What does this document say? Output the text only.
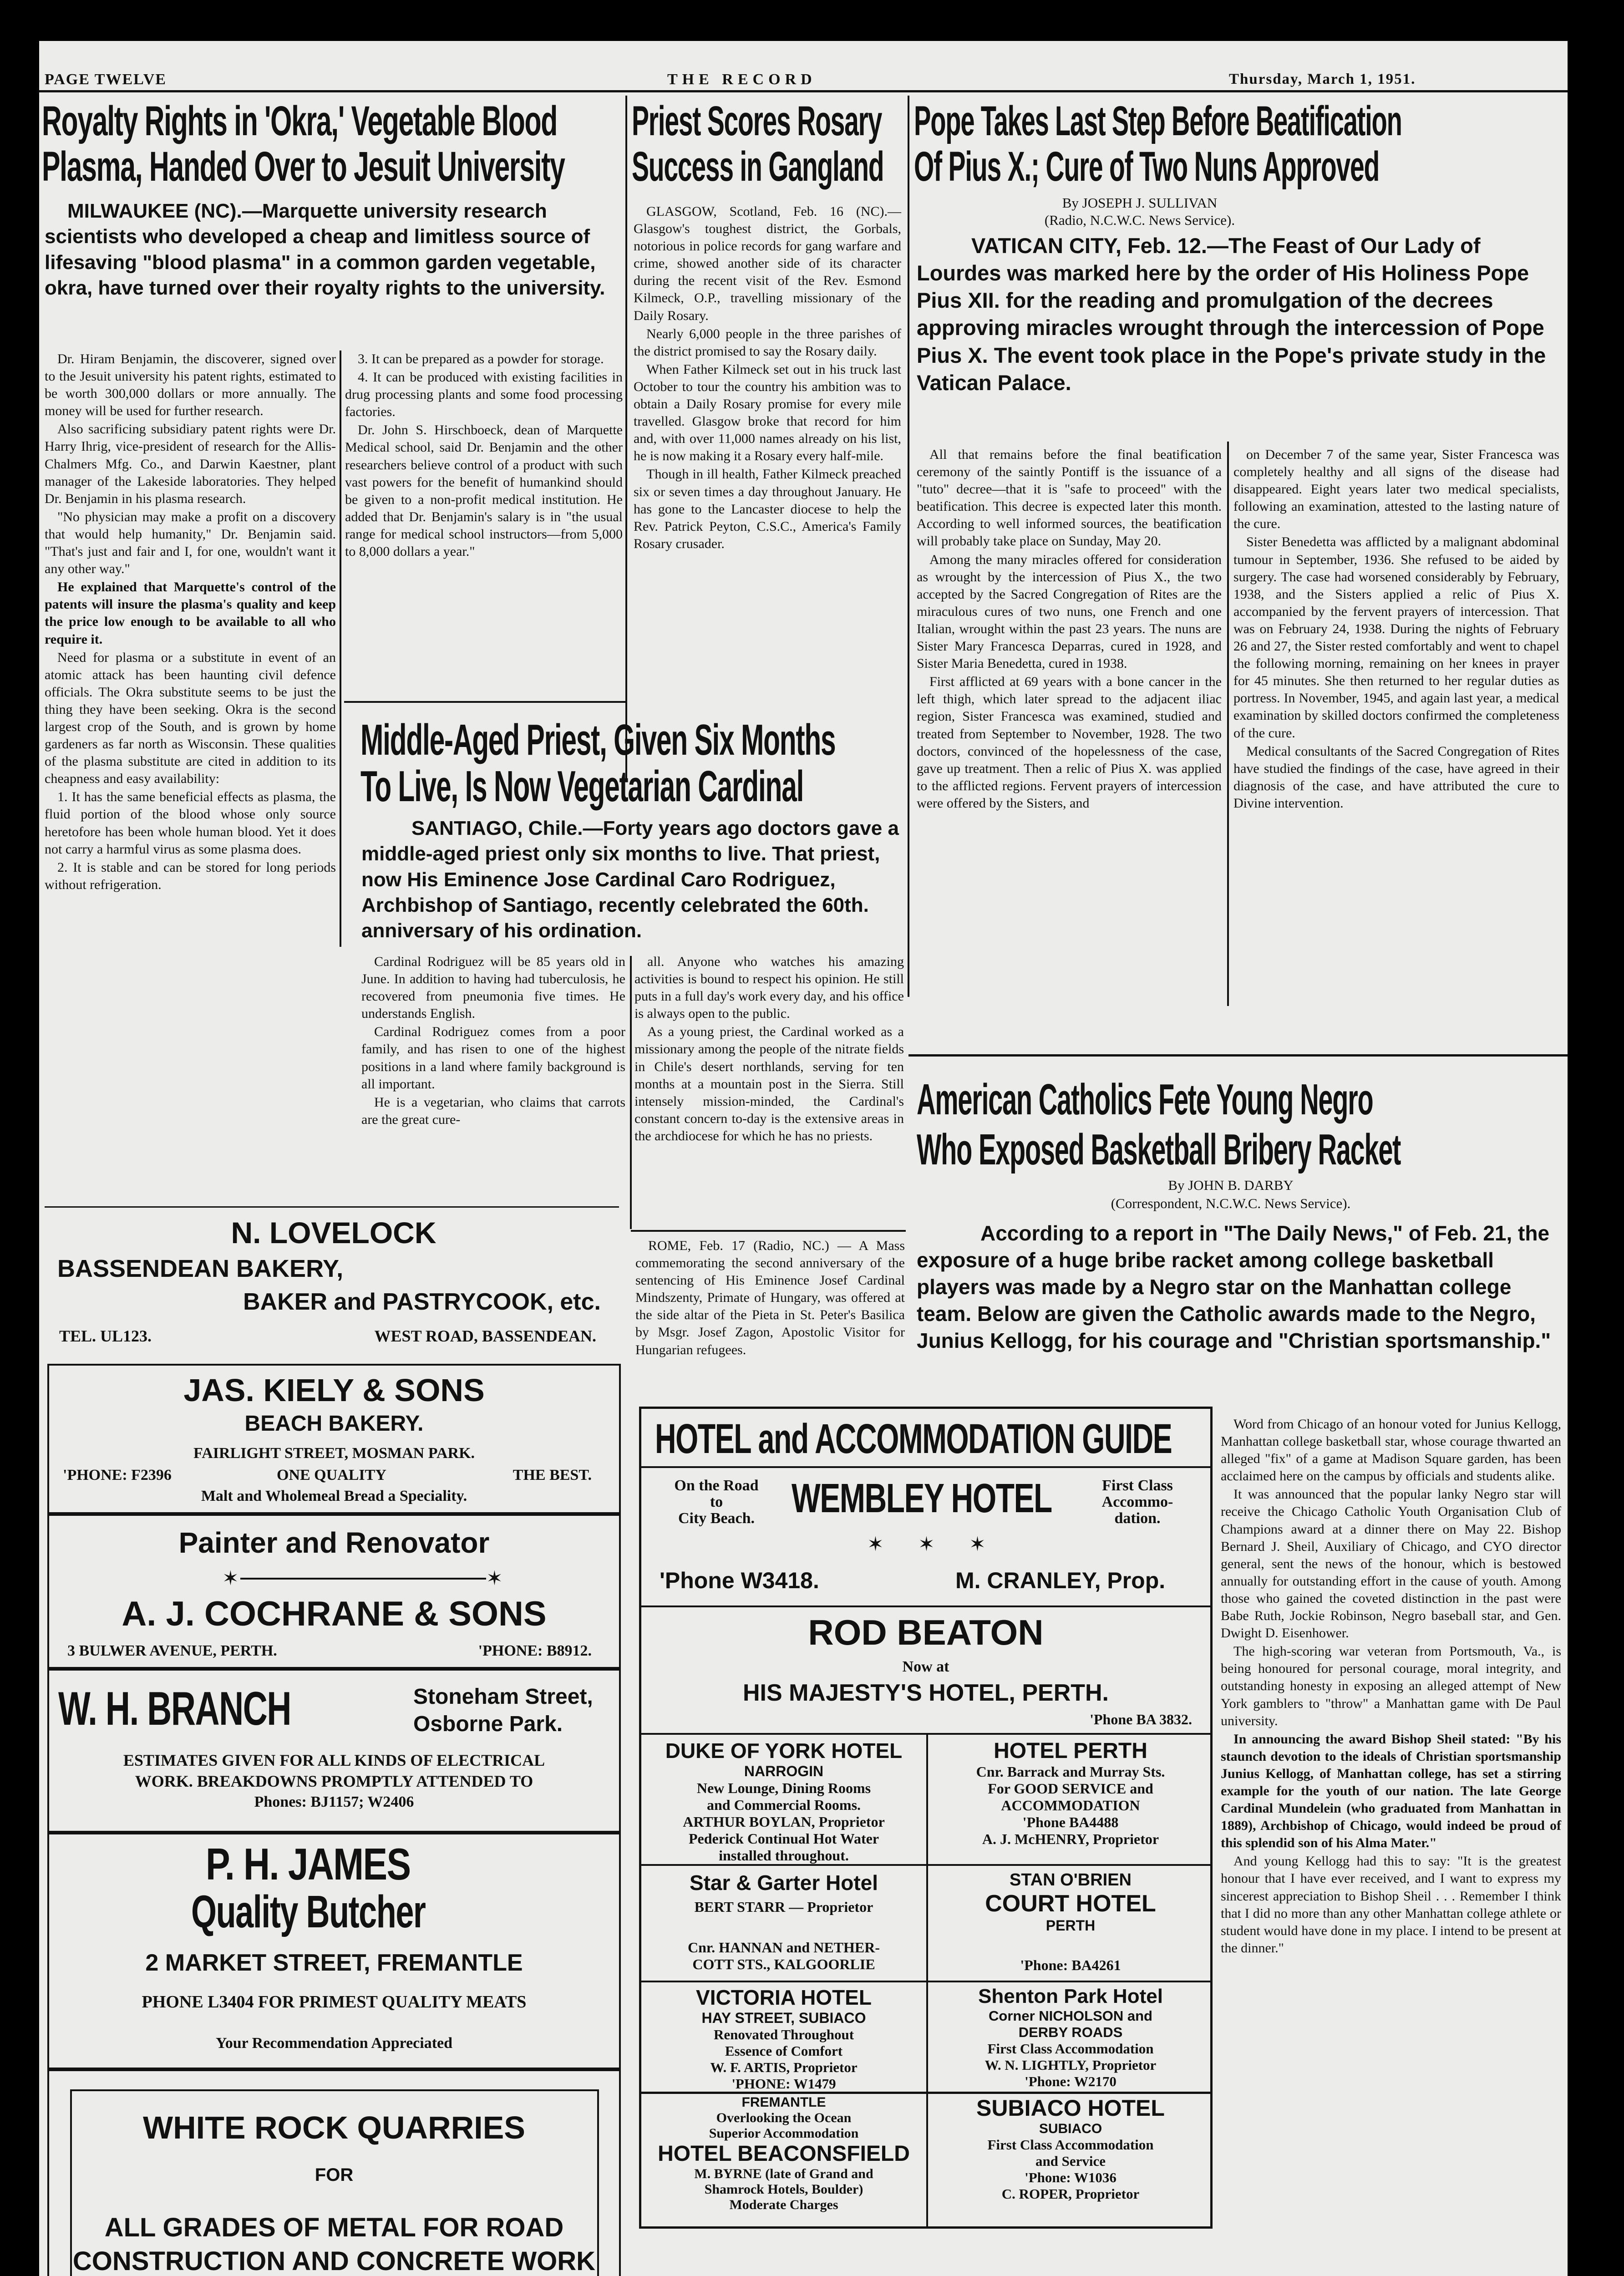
PAGE TWELVE	THE RECORD	Thursday, March 1, 1951.
Royalty Rights in 'Okra,' Vegetable Blood
Plasma, Handed Over to Jesuit University

MILWAUKEE (NC).—Marquette university research scientists who developed a cheap and limitless source of lifesaving "blood plasma" in a common garden vegetable, okra, have turned over their royalty rights to the university.

Dr. Hiram Benjamin, the discoverer, signed over to the Jesuit university his patent rights, estimated to be worth 300,000 dollars or more annually. The money will be used for further research.

Also sacrificing subsidiary patent rights were Dr. Harry Ihrig, vice-president of research for the Allis-Chalmers Mfg. Co., and Darwin Kaestner, plant manager of the Lakeside laboratories. They helped Dr. Benjamin in his plasma research.

"No physician may make a profit on a discovery that would help humanity," Dr. Benjamin said. "That's just and fair and I, for one, wouldn't want it any other way."

He explained that Marquette's control of the patents will insure the plasma's quality and keep the price low enough to be available to all who require it.

Need for plasma or a substitute in event of an atomic attack has been haunting civil defence officials. The Okra substitute seems to be just the thing they have been seeking. Okra is the second largest crop of the South, and is grown by home gardeners as far north as Wisconsin. These qualities of the plasma substitute are cited in addition to its cheapness and easy availability:

1. It has the same beneficial effects as plasma, the fluid portion of the blood whose only source heretofore has been whole human blood. Yet it does not carry a harmful virus as some plasma does.

2. It is stable and can be stored for long periods without refrigeration.

3. It can be prepared as a powder for storage.

4. It can be produced with existing facilities in drug processing plants and some food processing factories.

Dr. John S. Hirschboeck, dean of Marquette Medical school, said Dr. Benjamin and the other researchers believe control of a product with such vast powers for the benefit of humankind should be given to a non-profit medical institution. He added that Dr. Benjamin's salary is in "the usual range for medical school instructors—from 5,000 to 8,000 dollars a year."

Priest Scores Rosary
Success in Gangland

GLASGOW, Scotland, Feb. 16 (NC).—Glasgow's toughest district, the Gorbals, notorious in police records for gang warfare and crime, showed another side of its character during the recent visit of the Rev. Esmond Kilmeck, O.P., travelling missionary of the Daily Rosary.

Nearly 6,000 people in the three parishes of the district promised to say the Rosary daily.

When Father Kilmeck set out in his truck last October to tour the country his ambition was to obtain a Daily Rosary promise for every mile travelled. Glasgow broke that record for him and, with over 11,000 names already on his list, he is now making it a Rosary every half-mile.

Though in ill health, Father Kilmeck preached six or seven times a day throughout January. He has gone to the Lancaster diocese to help the Rev. Patrick Peyton, C.S.C., America's Family Rosary crusader.

Middle-Aged Priest, Given Six Months
To Live, Is Now Vegetarian Cardinal

SANTIAGO, Chile.—Forty years ago doctors gave a middle-aged priest only six months to live. That priest, now His Eminence Jose Cardinal Caro Rodriguez, Archbishop of Santiago, recently celebrated the 60th. anniversary of his ordination.

Cardinal Rodriguez will be 85 years old in June. In addition to having had tuberculosis, he recovered from pneumonia five times. He understands English.

Cardinal Rodriguez comes from a poor family, and has risen to one of the highest positions in a land where family background is all important.

He is a vegetarian, who claims that carrots are the great cure-

all. Anyone who watches his amazing activities is bound to respect his opinion. He still puts in a full day's work every day, and his office is always open to the public.

As a young priest, the Cardinal worked as a missionary among the people of the nitrate fields in Chile's desert northlands, serving for ten months at a mountain post in the Sierra. Still intensely mission-minded, the Cardinal's constant concern to-day is the extensive areas in the archdiocese for which he has no priests.

ROME, Feb. 17 (Radio, NC.) — A Mass commemorating the second anniversary of the sentencing of His Eminence Josef Cardinal Mindszenty, Primate of Hungary, was offered at the side altar of the Pieta in St. Peter's Basilica by Msgr. Josef Zagon, Apostolic Visitor for Hungarian refugees.

Pope Takes Last Step Before Beatification
Of Pius X.; Cure of Two Nuns Approved

By JOSEPH J. SULLIVAN

(Radio, N.C.W.C. News Service).

VATICAN CITY, Feb. 12.—The Feast of Our Lady of Lourdes was marked here by the order of His Holiness Pope Pius XII. for the reading and promulgation of the decrees approving miracles wrought through the intercession of Pope Pius X. The event took place in the Pope's private study in the Vatican Palace.

All that remains before the final beatification ceremony of the saintly Pontiff is the issuance of a "tuto" decree—that it is "safe to proceed" with the beatification. This decree is expected later this month. According to well informed sources, the beatification will probably take place on Sunday, May 20.

Among the many miracles offered for consideration as wrought by the intercession of Pius X., the two accepted by the Sacred Congregation of Rites are the miraculous cures of two nuns, one French and one Italian, wrought within the past 23 years. The nuns are Sister Mary Francesca Deparras, cured in 1928, and Sister Maria Benedetta, cured in 1938.

First afflicted at 69 years with a bone cancer in the left thigh, which later spread to the adjacent iliac region, Sister Francesca was examined, studied and treated from September to November, 1928. The two doctors, convinced of the hopelessness of the case, gave up treatment. Then a relic of Pius X. was applied to the afflicted regions. Fervent prayers of intercession were offered by the Sisters, and

on December 7 of the same year, Sister Francesca was completely healthy and all signs of the disease had disappeared. Eight years later two medical specialists, following an examination, attested to the lasting nature of the cure.

Sister Benedetta was afflicted by a malignant abdominal tumour in September, 1936. She refused to be aided by surgery. The case had worsened considerably by February, 1938, and the Sisters applied a relic of Pius X. accompanied by the fervent prayers of intercession. That was on February 24, 1938. During the nights of February 26 and 27, the Sister rested comfortably and went to chapel the following morning, remaining on her knees in prayer for 45 minutes. She then returned to her regular duties as portress. In November, 1945, and again last year, a medical examination by skilled doctors confirmed the completeness of the cure.

Medical consultants of the Sacred Congregation of Rites have studied the findings of the case, have agreed in their diagnosis of the case, and have attributed the cure to Divine intervention.

American Catholics Fete Young Negro
Who Exposed Basketball Bribery Racket

By JOHN B. DARBY

(Correspondent, N.C.W.C. News Service).

According to a report in "The Daily News," of Feb. 21, the exposure of a huge bribe racket among college basketball players was made by a Negro star on the Manhattan college team. Below are given the Catholic awards made to the Negro, Junius Kellogg, for his courage and "Christian sportsmanship."

Word from Chicago of an honour voted for Junius Kellogg, Manhattan college basketball star, whose courage thwarted an alleged "fix" of a game at Madison Square garden, has been acclaimed here on the campus by officials and students alike.

It was announced that the popular lanky Negro star will receive the Chicago Catholic Youth Organisation Club of Champions award at a dinner there on May 22. Bishop Bernard J. Sheil, Auxiliary of Chicago, and CYO director general, sent the news of the honour, which is bestowed annually for outstanding effort in the cause of youth. Among those who gained the coveted distinction in the past were Babe Ruth, Jockie Robinson, Negro baseball star, and Gen. Dwight D. Eisenhower.

The high-scoring war veteran from Portsmouth, Va., is being honoured for personal courage, moral integrity, and outstanding honesty in exposing an alleged attempt of New York gamblers to "throw" a Manhattan game with De Paul university.

In announcing the award Bishop Sheil stated: "By his staunch devotion to the ideals of Christian sportsmanship Junius Kellogg, of Manhattan college, has set a stirring example for the youth of our nation. The late George Cardinal Mundelein (who graduated from Manhattan in 1889), Archbishop of Chicago, would indeed be proud of this splendid son of his Alma Mater."

And young Kellogg had this to say: "It is the greatest honour that I have ever received, and I want to express my sincerest appreciation to Bishop Sheil . . . Remember I think that I did no more than any other Manhattan college athlete or student would have done in my place. I intend to be present at the dinner."

N. LOVELOCK
BASSENDEAN BAKERY,
BAKER and PASTRYCOOK, etc.
TEL. UL123.	WEST ROAD, BASSENDEAN.
JAS. KIELY & SONS
BEACH BAKERY.
FAIRLIGHT STREET, MOSMAN PARK.
'PHONE: F2396	ONE QUALITY	THE BEST.
Malt and Wholemeal Bread a Speciality.
Painter and Renovator
✶	✶
A. J. COCHRANE & SONS
3 BULWER AVENUE, PERTH.	'PHONE: B8912.
W. H. BRANCH	Stoneham Street,
Osborne Park.
ESTIMATES GIVEN FOR ALL KINDS OF ELECTRICAL
WORK. BREAKDOWNS PROMPTLY ATTENDED TO
Phones: BJ1157; W2406
P. H. JAMES
Quality Butcher
2 MARKET STREET, FREMANTLE
PHONE L3404 FOR PRIMEST QUALITY MEATS
Your Recommendation Appreciated
WHITE ROCK QUARRIES
FOR
ALL GRADES OF METAL FOR ROAD
CONSTRUCTION AND CONCRETE WORK
HOTEL and ACCOMMODATION GUIDE
On the Road
to
City Beach. WEMBLEY HOTEL	First Class
Accommo-
dation.
✶ ✶ ✶
'Phone W3418.	M. CRANLEY, Prop.
ROD BEATON
Now at
HIS MAJESTY'S HOTEL, PERTH.
'Phone BA 3832.
DUKE OF YORK HOTEL
NARROGIN
New Lounge, Dining Rooms
and Commercial Rooms.
ARTHUR BOYLAN, Proprietor
Pederick Continual Hot Water
installed throughout.
HOTEL PERTH
Cnr. Barrack and Murray Sts.
For GOOD SERVICE and
ACCOMMODATION
'Phone BA4488
A. J. McHENRY, Proprietor
Star & Garter Hotel
BERT STARR — Proprietor
Cnr. HANNAN and NETHER-
COTT STS., KALGOORLIE
STAN O'BRIEN
COURT HOTEL
PERTH
'Phone: BA4261
VICTORIA HOTEL
HAY STREET, SUBIACO
Renovated Throughout
Essence of Comfort
W. F. ARTIS, Proprietor
'PHONE: W1479
Shenton Park Hotel
Corner NICHOLSON and
DERBY ROADS
First Class Accommodation
W. N. LIGHTLY, Proprietor
'Phone: W2170
FREMANTLE
Overlooking the Ocean
Superior Accommodation
HOTEL BEACONSFIELD
M. BYRNE (late of Grand and
Shamrock Hotels, Boulder)
Moderate Charges
SUBIACO HOTEL
SUBIACO
First Class Accommodation
and Service
'Phone: W1036
C. ROPER, Proprietor
